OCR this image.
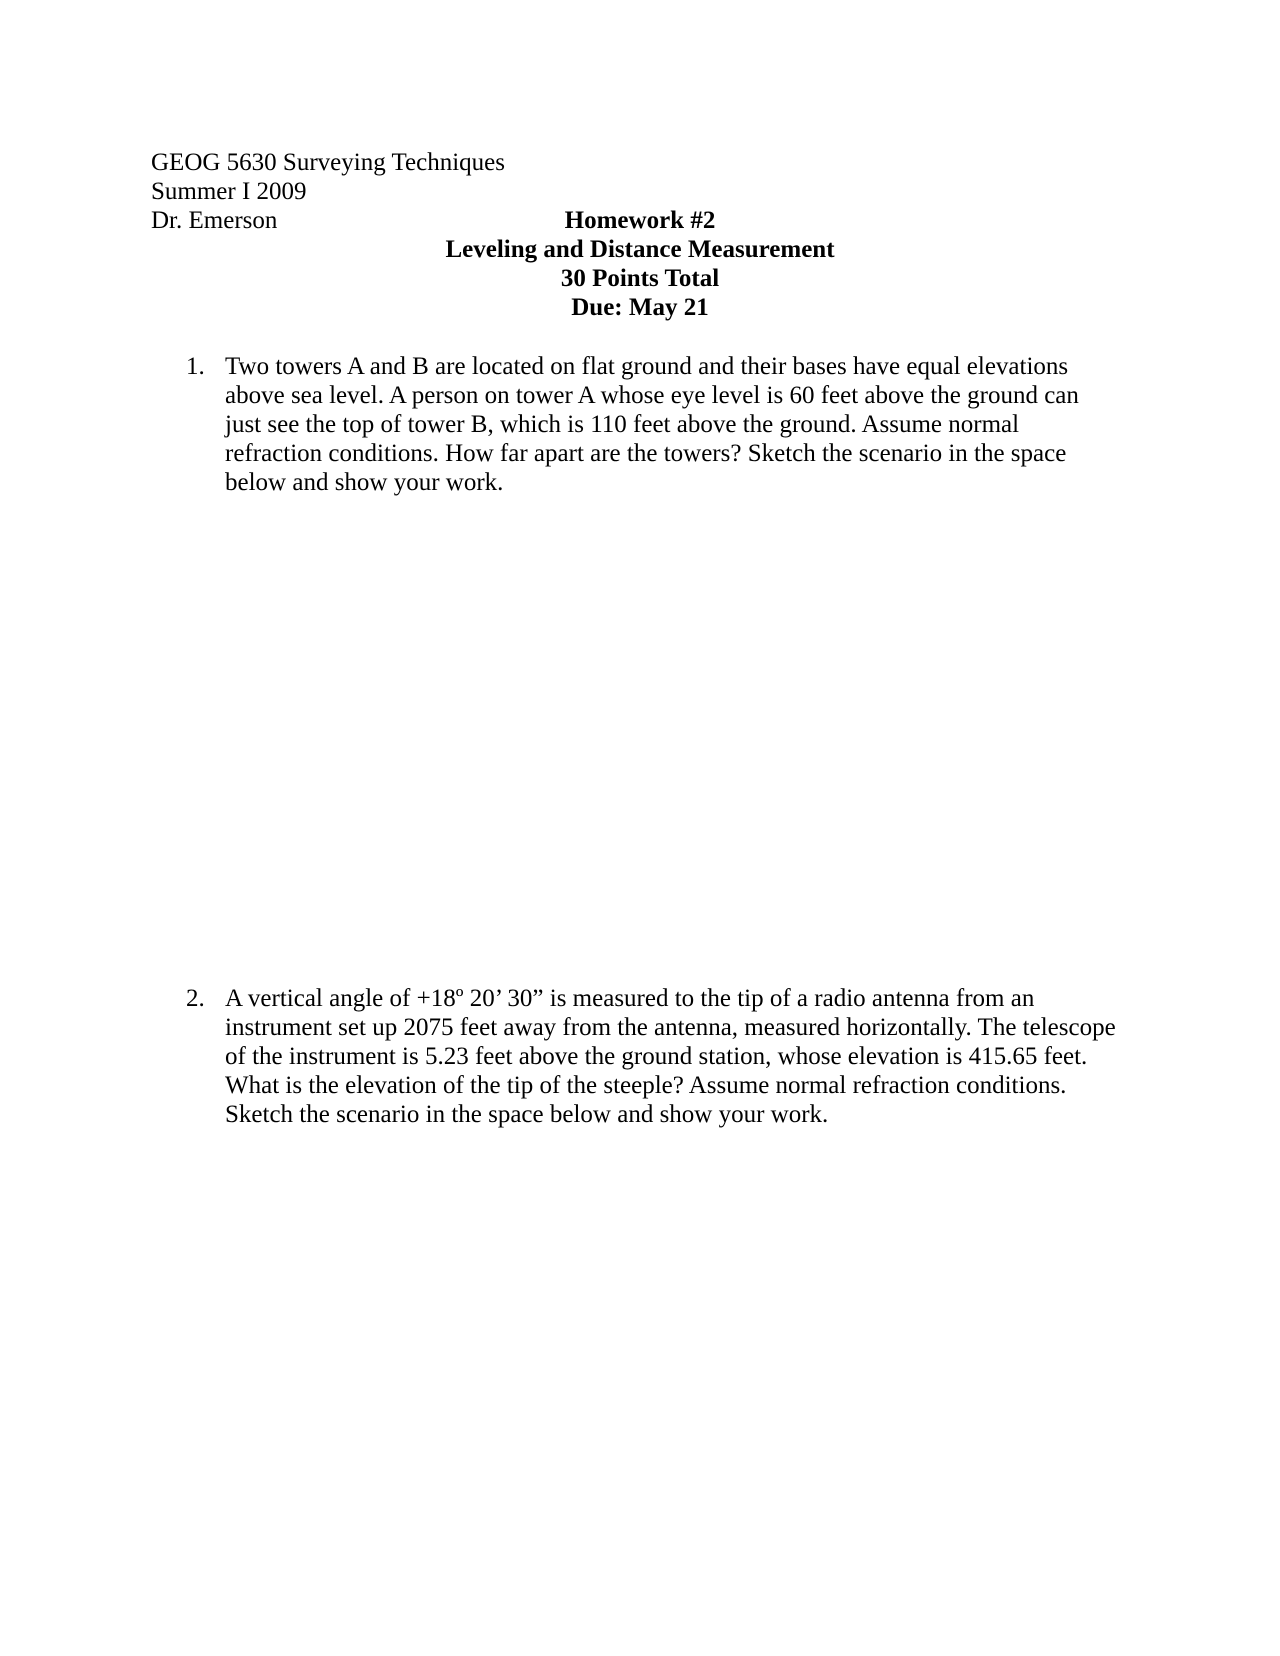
GEOG 5630 Surveying Techniques
Summer I 2009
Dr. Emerson	Homework #2
Leveling and Distance Measurement
30 Points Total
Due: May 21
1. Two towers A and B are located on flat ground and their bases have equal elevations
above sea level. A person on tower A whose eye level is 60 feet above the ground can
just see the top of tower B, which is 110 feet above the ground. Assume normal
refraction conditions. How far apart are the towers? Sketch the scenario in the space
below and show your work.
2. A vertical angle of +18º 20’ 30” is measured to the tip of a radio antenna from an
instrument set up 2075 feet away from the antenna, measured horizontally. The telescope
of the instrument is 5.23 feet above the ground station, whose elevation is 415.65 feet.
What is the elevation of the tip of the steeple? Assume normal refraction conditions.
Sketch the scenario in the space below and show your work.
